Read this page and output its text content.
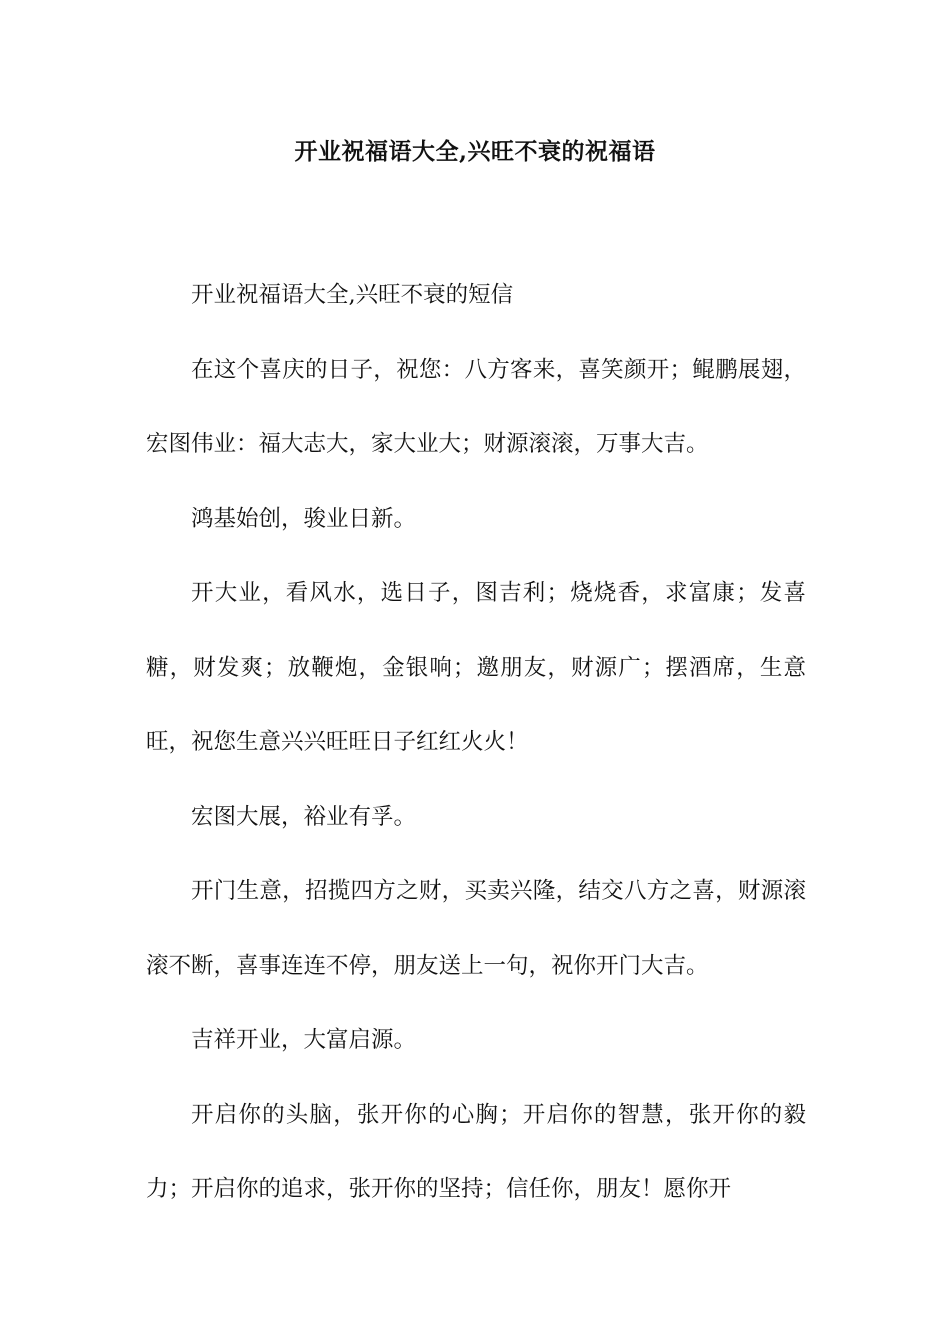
开业祝福语大全,兴旺不衰的祝福语

开业祝福语大全,兴旺不衰的短信

在这个喜庆的日子，祝您：八方客来，喜笑颜开；鲲鹏展翅，宏图伟业：福大志大，家大业大；财源滚滚，万事大吉。

鸿基始创，骏业日新。

开大业，看风水，选日子，图吉利；烧烧香，求富康；发喜糖，财发爽；放鞭炮，金银响；邀朋友，财源广；摆酒席，生意旺，祝您生意兴兴旺旺日子红红火火！

宏图大展，裕业有孚。

开门生意，招揽四方之财，买卖兴隆，结交八方之喜，财源滚滚不断，喜事连连不停，朋友送上一句，祝你开门大吉。

吉祥开业，大富启源。

开启你的头脑，张开你的心胸；开启你的智慧，张开你的毅力；开启你的追求，张开你的坚持；信任你，朋友！愿你开
